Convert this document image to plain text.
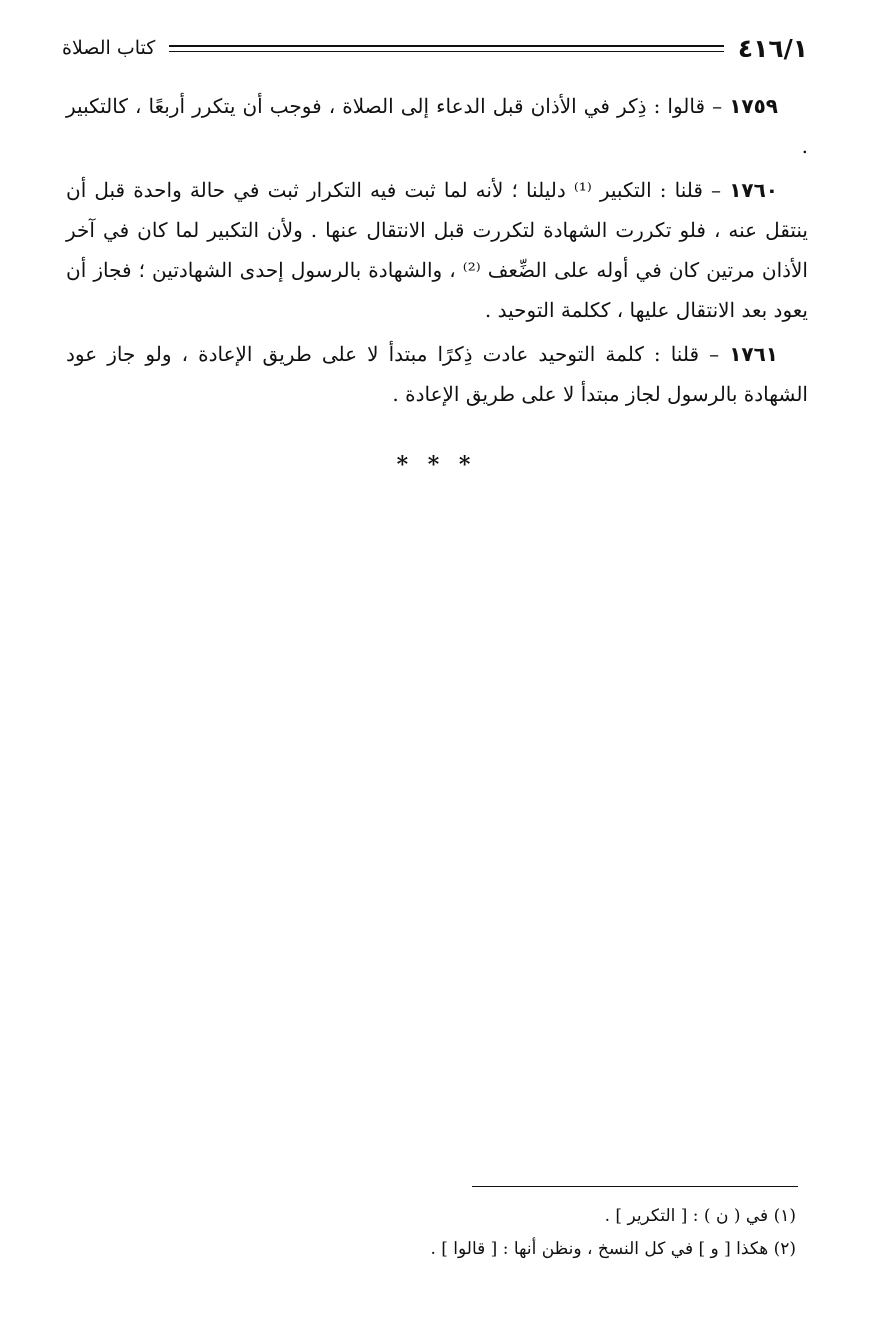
٤١٦/١
كتاب الصلاة

١٧٥٩ – قالوا : ذِكر في الأذان قبل الدعاء إلى الصلاة ، فوجب أن يتكرر أربعًا ، كالتكبير .

١٧٦٠ – قلنا : التكبير ⁽¹⁾ دليلنا ؛ لأنه لما ثبت فيه التكرار ثبت في حالة واحدة قبل أن ينتقل عنه ، فلو تكررت الشهادة لتكررت قبل الانتقال عنها . ولأن التكبير لما كان في آخر الأذان مرتين كان في أوله على الضِّعف ⁽²⁾ ، والشهادة بالرسول إحدى الشهادتين ؛ فجاز أن يعود بعد الانتقال عليها ، ككلمة التوحيد .

١٧٦١ – قلنا : كلمة التوحيد عادت ذِكرًا مبتدأ لا على طريق الإعادة ، ولو جاز عود الشهادة بالرسول لجاز مبتدأ لا على طريق الإعادة .

* * *

(١) في ( ن ) : [ التكرير ] .

(٢) هكذا [ و ] في كل النسخ ، ونظن أنها : [ قالوا ] .
